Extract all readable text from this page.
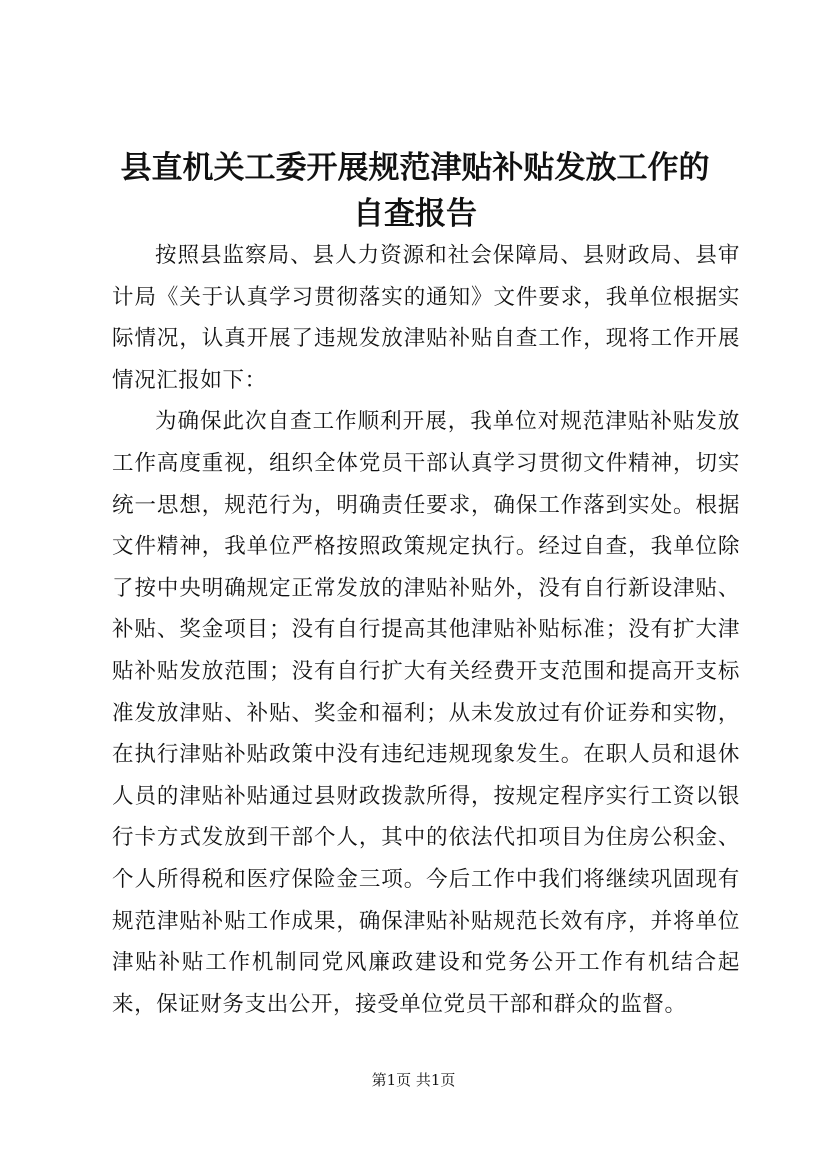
县直机关工委开展规范津贴补贴发放工作的自查报告

按照县监察局、县人力资源和社会保障局、县财政局、县审计局《关于认真学习贯彻落实的通知》文件要求，我单位根据实际情况，认真开展了违规发放津贴补贴自查工作，现将工作开展情况汇报如下：

为确保此次自查工作顺利开展，我单位对规范津贴补贴发放工作高度重视，组织全体党员干部认真学习贯彻文件精神，切实统一思想，规范行为，明确责任要求，确保工作落到实处。根据文件精神，我单位严格按照政策规定执行。经过自查，我单位除了按中央明确规定正常发放的津贴补贴外，没有自行新设津贴、补贴、奖金项目；没有自行提高其他津贴补贴标准；没有扩大津贴补贴发放范围；没有自行扩大有关经费开支范围和提高开支标准发放津贴、补贴、奖金和福利；从未发放过有价证券和实物，在执行津贴补贴政策中没有违纪违规现象发生。在职人员和退休人员的津贴补贴通过县财政拨款所得，按规定程序实行工资以银行卡方式发放到干部个人，其中的依法代扣项目为住房公积金、个人所得税和医疗保险金三项。今后工作中我们将继续巩固现有规范津贴补贴工作成果，确保津贴补贴规范长效有序，并将单位津贴补贴工作机制同党风廉政建设和党务公开工作有机结合起来，保证财务支出公开，接受单位党员干部和群众的监督。

第1页 共1页
